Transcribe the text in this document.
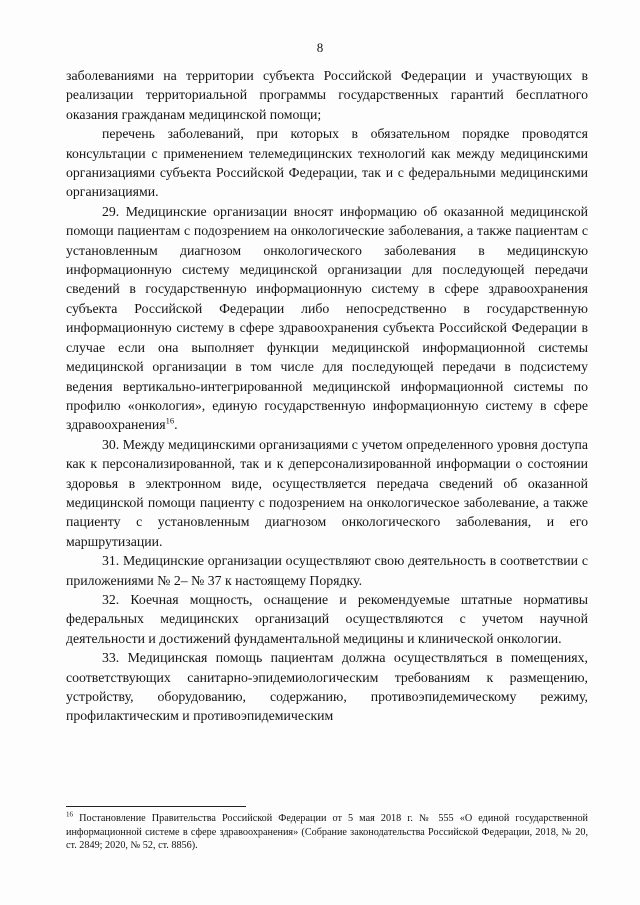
8

заболеваниями на территории субъекта Российской Федерации и участвующих в реализации территориальной программы государственных гарантий бесплатного оказания гражданам медицинской помощи;

перечень заболеваний, при которых в обязательном порядке проводятся консультации с применением телемедицинских технологий как между медицинскими организациями субъекта Российской Федерации, так и с федеральными медицинскими организациями.

29. Медицинские организации вносят информацию об оказанной медицинской помощи пациентам с подозрением на онкологические заболевания, а также пациентам с установленным диагнозом онкологического заболевания в медицинскую информационную систему медицинской организации для последующей передачи сведений в государственную информационную систему в сфере здравоохранения субъекта Российской Федерации либо непосредственно в государственную информационную систему в сфере здравоохранения субъекта Российской Федерации в случае если она выполняет функции медицинской информационной системы медицинской организации в том числе для последующей передачи в подсистему ведения вертикально-интегрированной медицинской информационной системы по профилю «онкология», единую государственную информационную систему в сфере здравоохранения$^{16}$.

30. Между медицинскими организациями с учетом определенного уровня доступа как к персонализированной, так и к деперсонализированной информации о состоянии здоровья в электронном виде, осуществляется передача сведений об оказанной медицинской помощи пациенту с подозрением на онкологическое заболевание, а также пациенту с установленным диагнозом онкологического заболевания, и его маршрутизации.

31. Медицинские организации осуществляют свою деятельность в соответствии с приложениями № 2– № 37 к настоящему Порядку.

32. Коечная мощность, оснащение и рекомендуемые штатные нормативы федеральных медицинских организаций осуществляются с учетом научной деятельности и достижений фундаментальной медицины и клинической онкологии.

33. Медицинская помощь пациентам должна осуществляться в помещениях, соответствующих санитарно-эпидемиологическим требованиям к размещению, устройству, оборудованию, содержанию, противоэпидемическому режиму, профилактическим и противоэпидемическим

$^{16}$ Постановление Правительства Российской Федерации от 5 мая 2018 г. № 555 «О единой государственной информационной системе в сфере здравоохранения» (Собрание законодательства Российской Федерации, 2018, № 20, ст. 2849; 2020, № 52, ст. 8856).
